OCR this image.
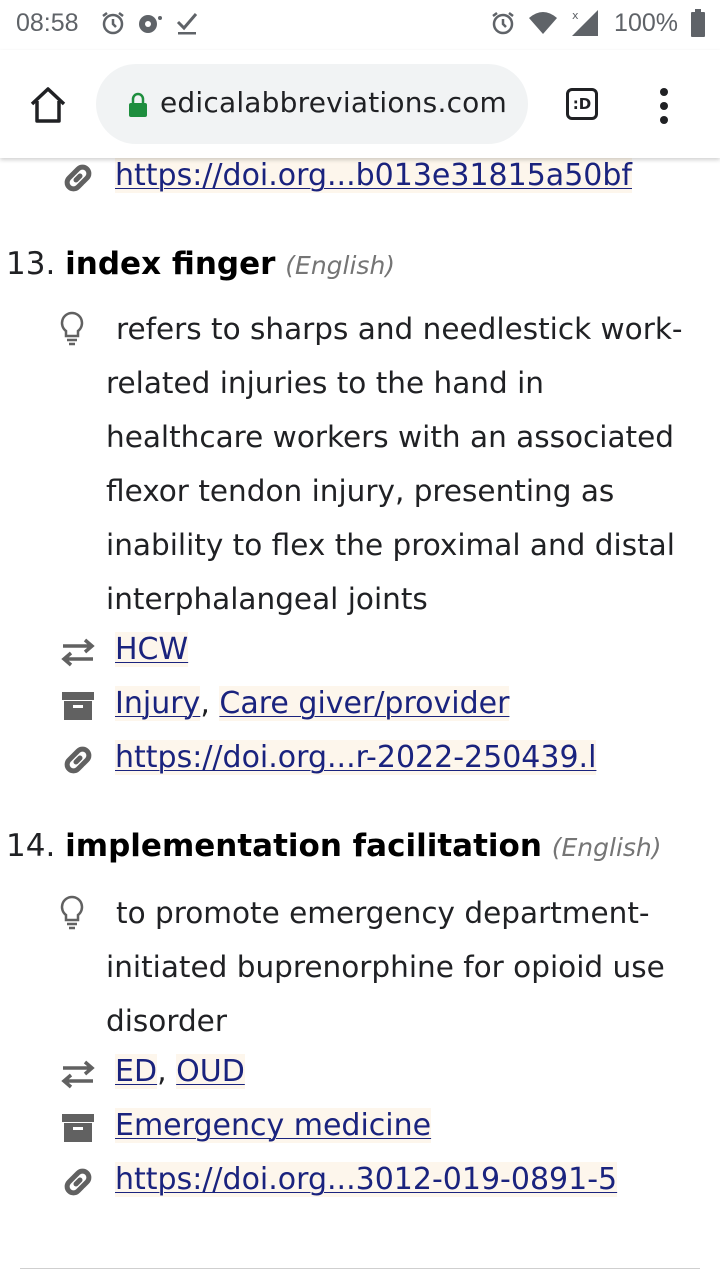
08:58	x 100%
еdicalabbreviations.com	:D
https://doi.org...b013e31815a50bf
13. index finger (English)
refers to sharps and needlestick work-related injuries to the hand in healthcare workers with an associated flexor tendon injury, presenting as inability to flex the proximal and distal interphalangeal joints
HCW
Injury, Care giver/provider
https://doi.org...r-2022-250439.l
14. implementation facilitation (English)
to promote emergency department-initiated buprenorphine for opioid use disorder
ED, OUD
Emergency medicine
https://doi.org...3012-019-0891-5
